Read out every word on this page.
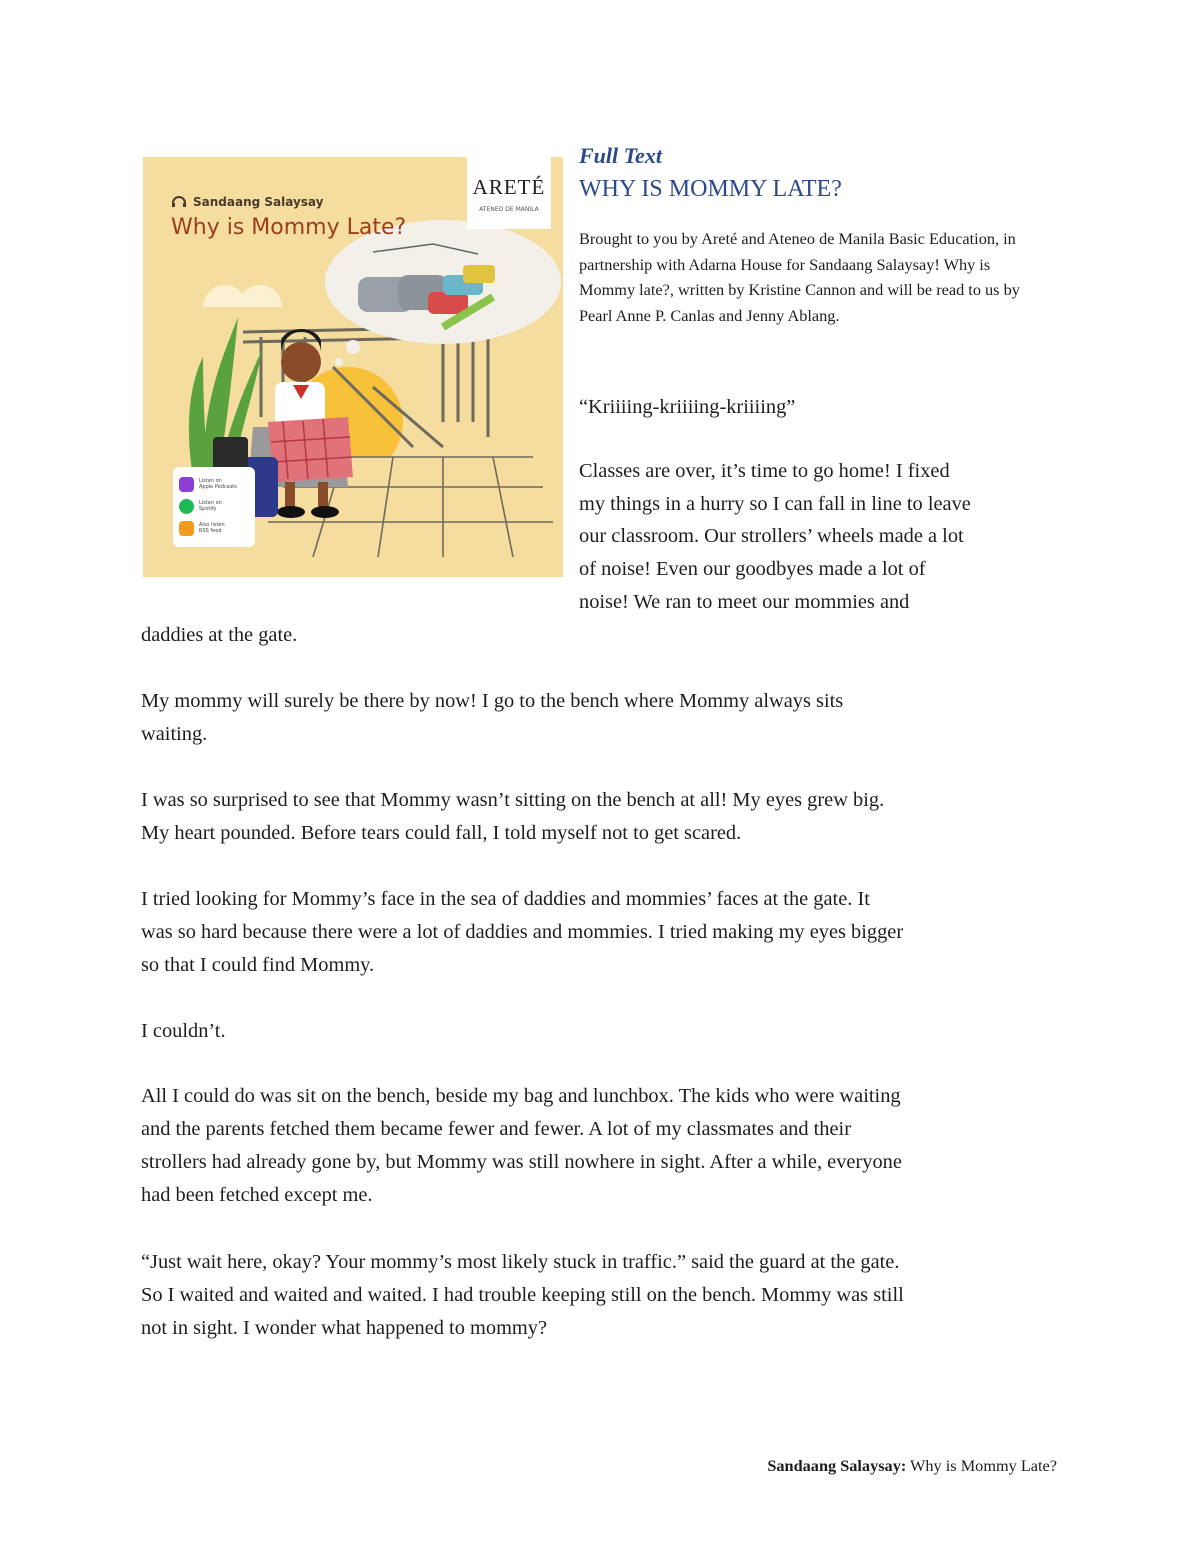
Sandaang Salaysay
Why is Mommy Late?
ARETÉ
ATENEO DE MANILA
Listen on
Apple Podcasts
Listen on
Spotify
Also listen
RSS feed
Full Text
WHY IS MOMMY LATE?

Brought to you by Areté and Ateneo de Manila Basic Education, in partnership with Adarna House for Sandaang Salaysay! Why is Mommy late?, written by Kristine Cannon and will be read to us by Pearl Anne P. Canlas and Jenny Ablang.

“Kriiiing-kriiiing-kriiiing”
Classes are over, it’s time to go home! I fixed
my things in a hurry so I can fall in line to leave
our classroom. Our strollers’ wheels made a lot
of noise! Even our goodbyes made a lot of
noise! We ran to meet our mommies and
daddies at the gate.
My mommy will surely be there by now! I go to the bench where Mommy always sits
waiting.
I was so surprised to see that Mommy wasn’t sitting on the bench at all! My eyes grew big.
My heart pounded. Before tears could fall, I told myself not to get scared.
I tried looking for Mommy’s face in the sea of daddies and mommies’ faces at the gate. It
was so hard because there were a lot of daddies and mommies. I tried making my eyes bigger
so that I could find Mommy.
I couldn’t.
All I could do was sit on the bench, beside my bag and lunchbox. The kids who were waiting
and the parents fetched them became fewer and fewer. A lot of my classmates and their
strollers had already gone by, but Mommy was still nowhere in sight. After a while, everyone
had been fetched except me.
“Just wait here, okay? Your mommy’s most likely stuck in traffic.” said the guard at the gate.
So I waited and waited and waited. I had trouble keeping still on the bench. Mommy was still
not in sight. I wonder what happened to mommy?
Sandaang Salaysay: Why is Mommy Late?
